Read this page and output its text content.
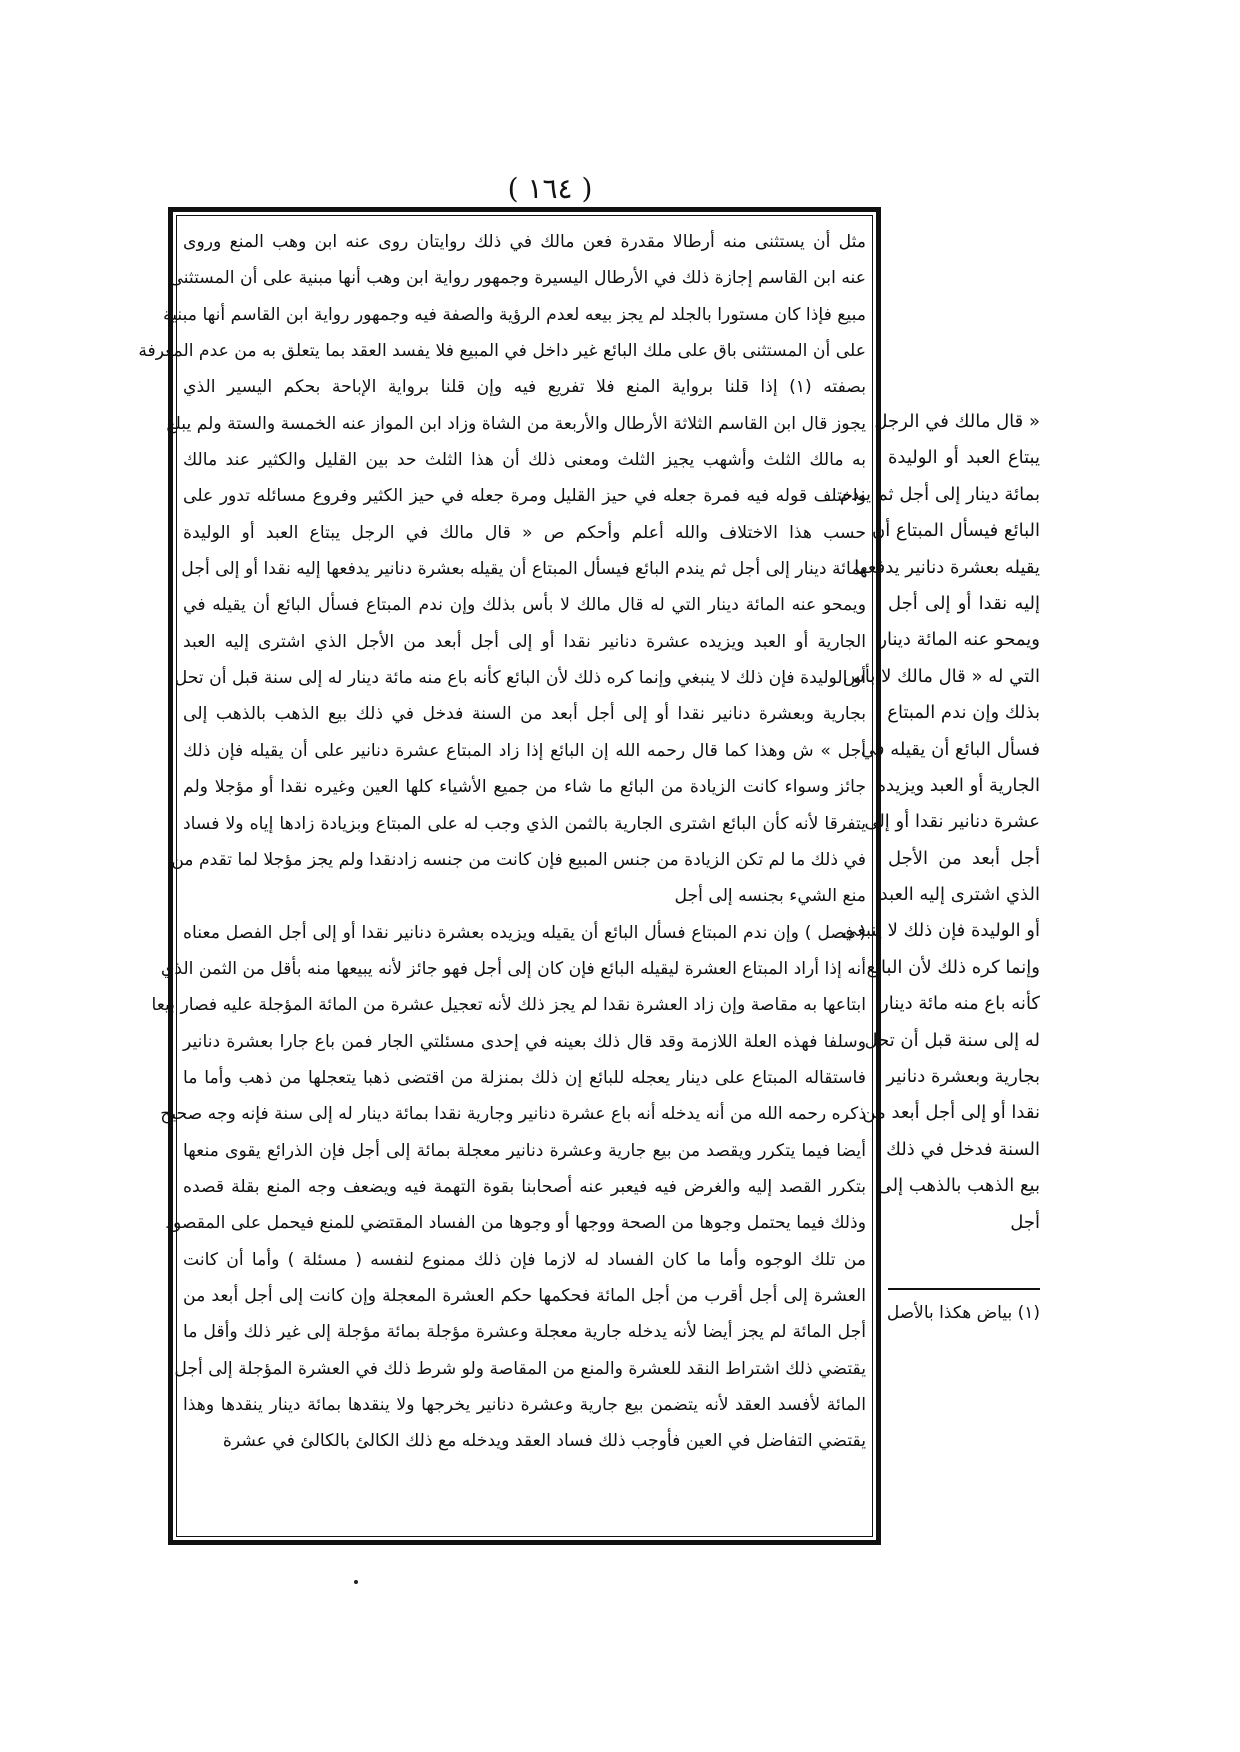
( ١٦٤ )
مثل أن يستثنى منه أرطالا مقدرة فعن مالك في ذلك روايتان روى عنه ابن وهب المنع وروى
عنه ابن القاسم إجازة ذلك في الأرطال اليسيرة وجمهور رواية ابن وهب أنها مبنية على أن المستثنى
مبيع فإذا كان مستورا بالجلد لم يجز بيعه لعدم الرؤية والصفة فيه وجمهور رواية ابن القاسم أنها مبنية
على أن المستثنى باق على ملك البائع غير داخل في المبيع فلا يفسد العقد بما يتعلق به من عدم المعرفة
بصفته (١) إذا قلنا برواية المنع فلا تفريع فيه وإن قلنا برواية الإباحة بحكم اليسير الذي
يجوز قال ابن القاسم الثلاثة الأرطال والأربعة من الشاة وزاد ابن المواز عنه الخمسة والستة ولم يبلغ
به مالك الثلث وأشهب يجيز الثلث ومعنى ذلك أن هذا الثلث حد بين القليل والكثير عند مالك
واختلف قوله فيه فمرة جعله في حيز القليل ومرة جعله في حيز الكثير وفروع مسائله تدور على
حسب هذا الاختلاف والله أعلم وأحكم ص « قال مالك في الرجل يبتاع العبد أو الوليدة
بمائة دينار إلى أجل ثم يندم البائع فيسأل المبتاع أن يقيله بعشرة دنانير يدفعها إليه نقدا أو إلى أجل
ويمحو عنه المائة دينار التي له قال مالك لا بأس بذلك وإن ندم المبتاع فسأل البائع أن يقيله في
الجارية أو العبد ويزيده عشرة دنانير نقدا أو إلى أجل أبعد من الأجل الذي اشترى إليه العبد
أو الوليدة فإن ذلك لا ينبغي وإنما كره ذلك لأن البائع كأنه باع منه مائة دينار له إلى سنة قبل أن تحل
بجارية وبعشرة دنانير نقدا أو إلى أجل أبعد من السنة فدخل في ذلك بيع الذهب بالذهب إلى
أجل » ش وهذا كما قال رحمه الله إن البائع إذا زاد المبتاع عشرة دنانير على أن يقيله فإن ذلك
جائز وسواء كانت الزيادة من البائع ما شاء من جميع الأشياء كلها العين وغيره نقدا أو مؤجلا ولم
يتفرقا لأنه كأن البائع اشترى الجارية بالثمن الذي وجب له على المبتاع وبزيادة زادها إياه ولا فساد
في ذلك ما لم تكن الزيادة من جنس المبيع فإن كانت من جنسه زادنقدا ولم يجز مؤجلا لما تقدم من
منع الشيء بجنسه إلى أجل
( فصل ) وإن ندم المبتاع فسأل البائع أن يقيله ويزيده بعشرة دنانير نقدا أو إلى أجل الفصل معناه
أنه إذا أراد المبتاع العشرة ليقيله البائع فإن كان إلى أجل فهو جائز لأنه يبيعها منه بأقل من الثمن الذي
ابتاعها به مقاصة وإن زاد العشرة نقدا لم يجز ذلك لأنه تعجيل عشرة من المائة المؤجلة عليه فصار بيعا
وسلفا فهذه العلة اللازمة وقد قال ذلك بعينه في إحدى مسئلتي الجار فمن باع جارا بعشرة دنانير
فاستقاله المبتاع على دينار يعجله للبائع إن ذلك بمنزلة من اقتضى ذهبا يتعجلها من ذهب وأما ما
ذكره رحمه الله من أنه يدخله أنه باع عشرة دنانير وجارية نقدا بمائة دينار له إلى سنة فإنه وجه صحيح
أيضا فيما يتكرر ويقصد من بيع جارية وعشرة دنانير معجلة بمائة إلى أجل فإن الذرائع يقوى منعها
بتكرر القصد إليه والغرض فيه فيعبر عنه أصحابنا بقوة التهمة فيه ويضعف وجه المنع بقلة قصده
وذلك فيما يحتمل وجوها من الصحة ووجها أو وجوها من الفساد المقتضي للمنع فيحمل على المقصود
من تلك الوجوه وأما ما كان الفساد له لازما فإن ذلك ممنوع لنفسه ( مسئلة ) وأما أن كانت
العشرة إلى أجل أقرب من أجل المائة فحكمها حكم العشرة المعجلة وإن كانت إلى أجل أبعد من
أجل المائة لم يجز أيضا لأنه يدخله جارية معجلة وعشرة مؤجلة بمائة مؤجلة إلى غير ذلك وأقل ما
يقتضي ذلك اشتراط النقد للعشرة والمنع من المقاصة ولو شرط ذلك في العشرة المؤجلة إلى أجل
المائة لأفسد العقد لأنه يتضمن بيع جارية وعشرة دنانير يخرجها ولا ينقدها بمائة دينار ينقدها وهذا
يقتضي التفاضل في العين فأوجب ذلك فساد العقد ويدخله مع ذلك الكالئ بالكالئ في عشرة
« قال مالك في الرجل
يبتاع العبد أو الوليدة
بمائة دينار إلى أجل ثم يندم
البائع فيسأل المبتاع أن
يقيله بعشرة دنانير يدفعها
إليه نقدا أو إلى أجل
ويمحو عنه المائة دينار
التي له « قال مالك لا بأس
بذلك وإن ندم المبتاع
فسأل البائع أن يقيله في
الجارية أو العبد ويزيده
عشرة دنانير نقدا أو إلى
أجل أبعد من الأجل
الذي اشترى إليه العبد
أو الوليدة فإن ذلك لا ينبغي
وإنما كره ذلك لأن البائع
كأنه باع منه مائة دينار
له إلى سنة قبل أن تحل
بجارية وبعشرة دنانير
نقدا أو إلى أجل أبعد من
السنة فدخل في ذلك
بيع الذهب بالذهب إلى
أجل
(١) بياض هكذا بالأصل
